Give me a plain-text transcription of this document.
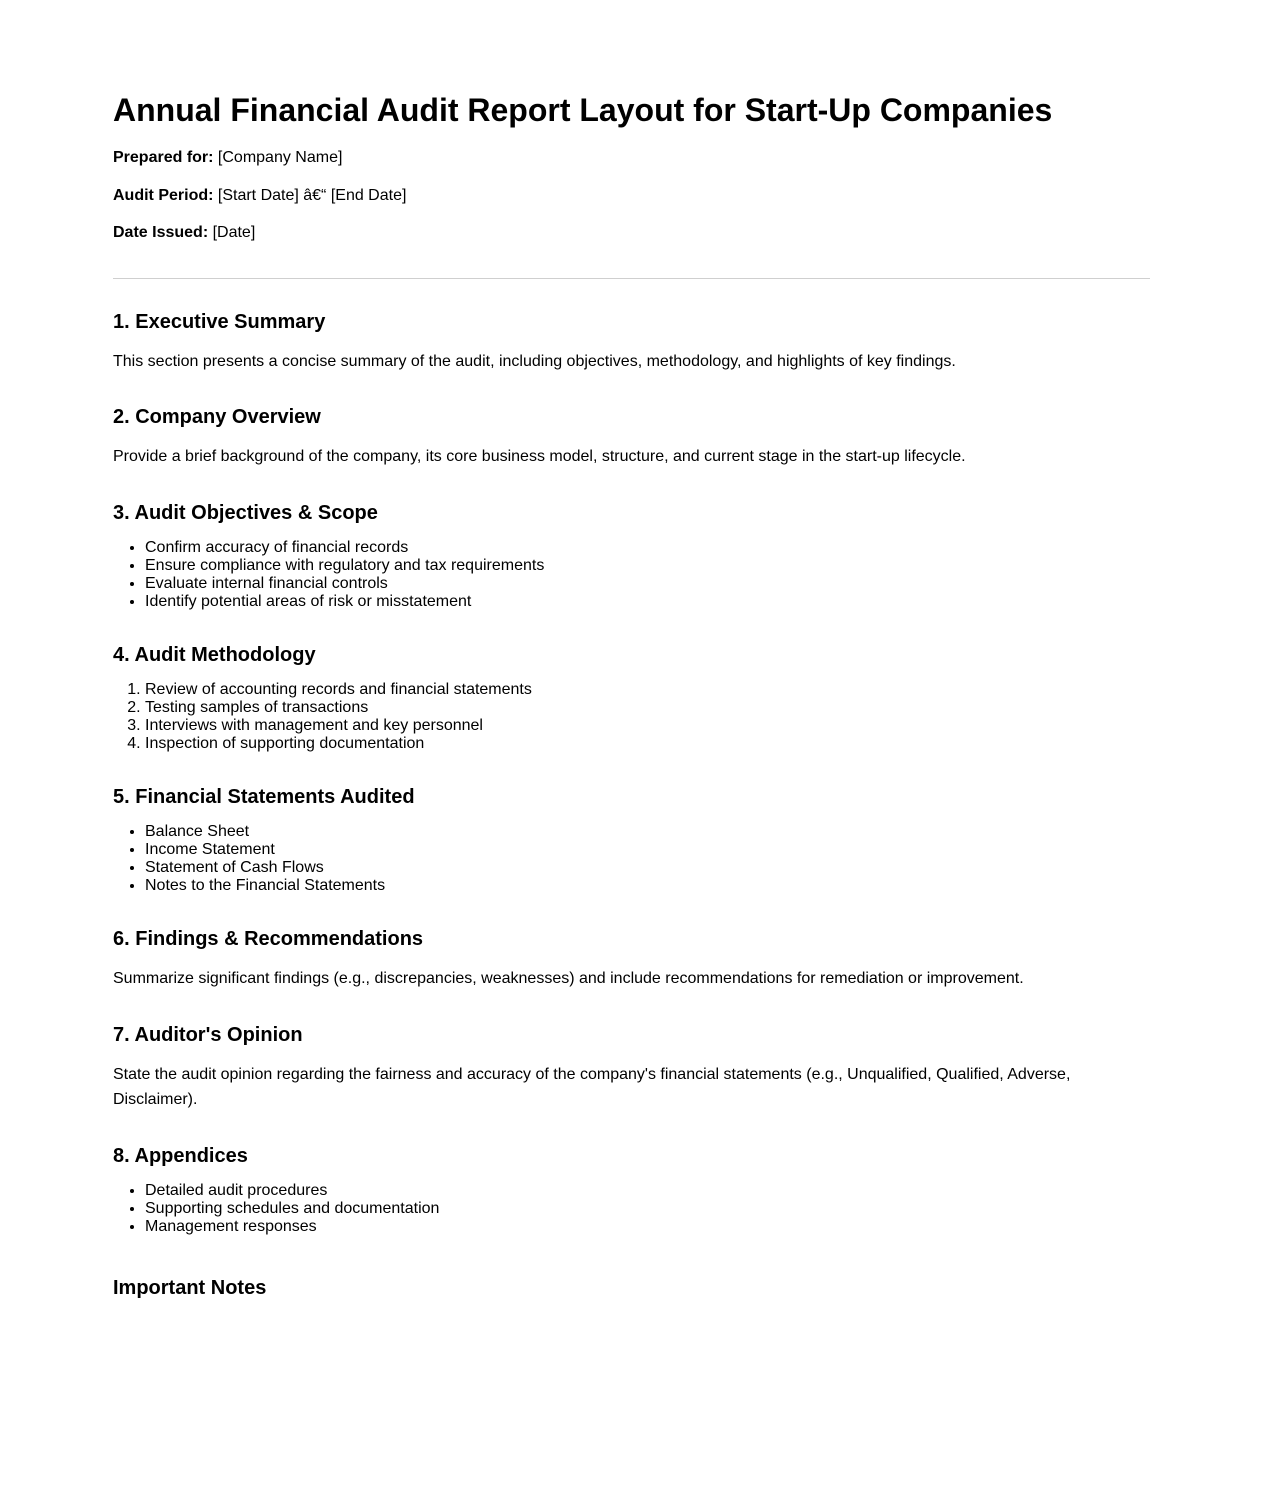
Annual Financial Audit Report Layout for Start-Up Companies

Prepared for: [Company Name]

Audit Period: [Start Date] â€“ [End Date]

Date Issued: [Date]

1. Executive Summary

This section presents a concise summary of the audit, including objectives, methodology, and highlights of key findings.

2. Company Overview

Provide a brief background of the company, its core business model, structure, and current stage in the start-up lifecycle.

3. Audit Objectives & Scope
• Confirm accuracy of financial records
• Ensure compliance with regulatory and tax requirements
• Evaluate internal financial controls
• Identify potential areas of risk or misstatement
4. Audit Methodology
1. Review of accounting records and financial statements
2. Testing samples of transactions
3. Interviews with management and key personnel
4. Inspection of supporting documentation
5. Financial Statements Audited
• Balance Sheet
• Income Statement
• Statement of Cash Flows
• Notes to the Financial Statements
6. Findings & Recommendations

Summarize significant findings (e.g., discrepancies, weaknesses) and include recommendations for remediation or improvement.

7. Auditor's Opinion

State the audit opinion regarding the fairness and accuracy of the company's financial statements (e.g., Unqualified, Qualified, Adverse, Disclaimer).

8. Appendices
• Detailed audit procedures
• Supporting schedules and documentation
• Management responses
Important Notes
